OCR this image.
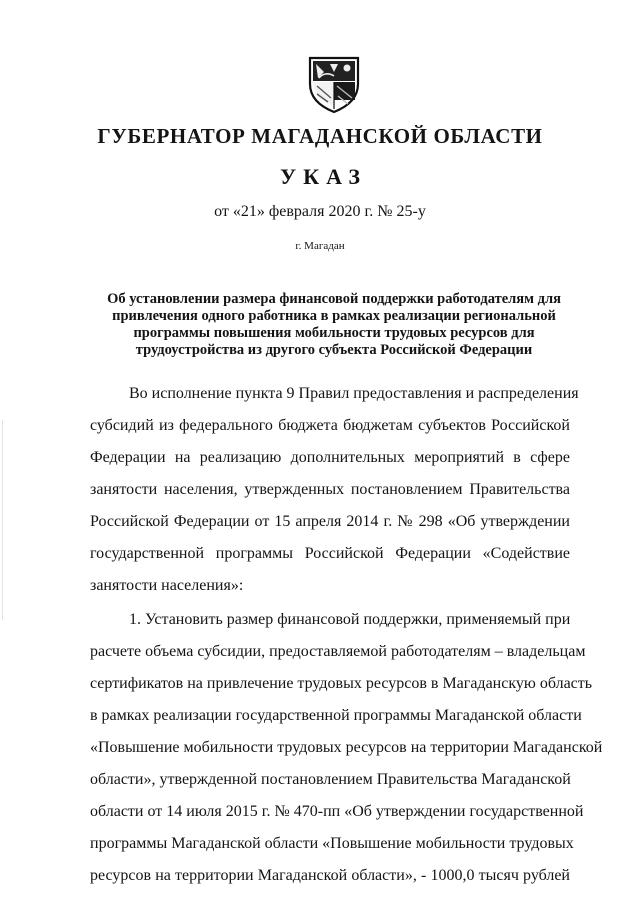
ГУБЕРНАТОР МАГАДАНСКОЙ ОБЛАСТИ
УКАЗ
от «21» февраля 2020 г. № 25-у
г. Магадан
Об установлении размера финансовой поддержки работодателям для
привлечения одного работника в рамках реализации региональной
программы повышения мобильности трудовых ресурсов для
трудоустройства из другого субъекта Российской Федерации
Во исполнение пункта 9 Правил предоставления и распределения
субсидий из федерального бюджета бюджетам субъектов Российской
Федерации на реализацию дополнительных мероприятий в сфере
занятости населения, утвержденных постановлением Правительства
Российской Федерации от 15 апреля 2014 г. № 298 «Об утверждении
государственной программы Российской Федерации «Содействие
занятости населения»:
1. Установить размер финансовой поддержки, применяемый при
расчете объема субсидии, предоставляемой работодателям – владельцам
сертификатов на привлечение трудовых ресурсов в Магаданскую область
в рамках реализации государственной программы Магаданской области
«Повышение мобильности трудовых ресурсов на территории Магаданской
области», утвержденной постановлением Правительства Магаданской
области от 14 июля 2015 г. № 470-пп «Об утверждении государственной
программы Магаданской области «Повышение мобильности трудовых
ресурсов на территории Магаданской области», - 1000,0 тысяч рублей
